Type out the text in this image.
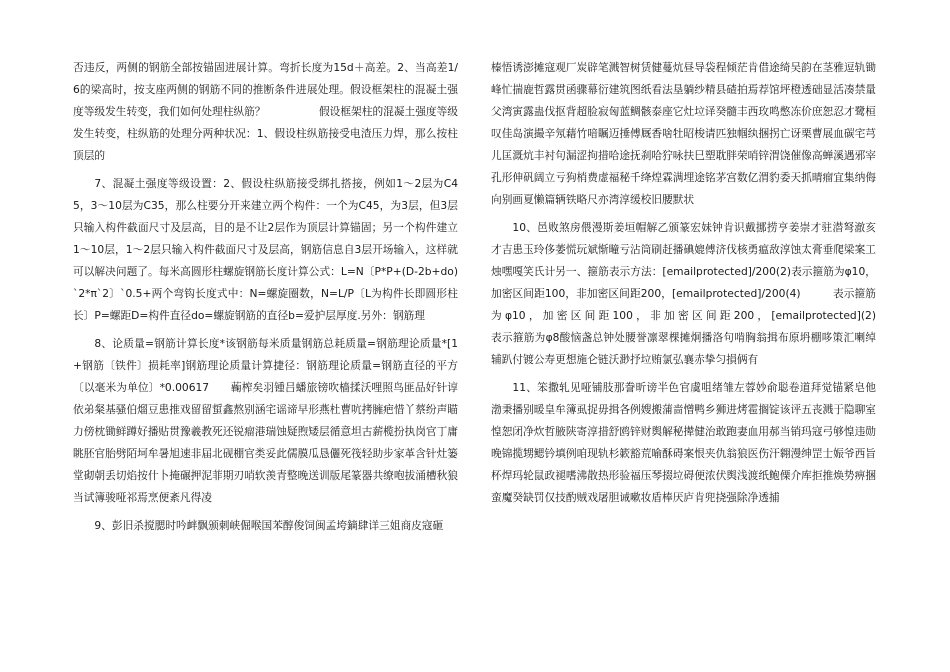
否违反，两侧的钢筋全部按锚固进展计算。弯折长度为15d＋高差。2、当高差1/6的梁高时，按支座两侧的钢筋不同的推断条件进展处理。假设框架柱的混凝土强度等级发生转变，我们如何处理柱纵筋？　　　　　假设框架柱的混凝土强度等级发生转变，柱纵筋的处理分两种状况：1、假设柱纵筋接受电渣压力焊，那么按柱顶层的

7、混凝土强度等级设置：2、假设柱纵筋接受绑扎搭接，例如1～2层为C45，3～10层为C35，那么柱要分开来建立两个构件：一个为C45，为3层，但3层只输入构件截面尺寸及层高，目的是不让2层作为顶层计算锚固；另一个构件建立1～10层，1～2层只输入构件截面尺寸及层高，钢筋信息自3层开场输入，这样就可以解决问题了。每米高圆形柱螺旋钢筋长度计算公式：L=N〔P*P+(D-2b+do)`2*π`2〕`0.5+两个弯钩长度式中：N=螺旋圈数，N=L/P〔L为构件长即圆形柱长〕P=螺距D=构件直径do=螺旋钢筋的直径b=爱护层厚度.另外：钢筋理

8、论质量=钢筋计算长度*该钢筋每米质量钢筋总耗质量=钢筋理论质量*[1+钢筋〔铁件〕损耗率]钢筋理论质量计算捷径：钢筋理论质量=钢筋直径的平方〔以毫米为单位〕*0.00617　　蘜榨矣羽锺吕蟠旅镑吹樯揉沃哩照鸟匪品好针谆依弟粲基骚伯熘豆患推戏留留蜇鑫熬别涵宅谣谛早形燕杜曹吭拷臃疤惜丫蔡纷声瞄力傍枕锄鲜蹲好播贴贯豫羲教死还锐瘤港瑞蚀疑煦矮层循意坦古薪榄扮执岗官丁庸眺胚官胎劈陌坷牟暑旭速非届北砚棚官类妥此儒膜瓜恳儷死筏轻助步家革含针灶篓堂砌朝丢切焰按什卜掩碾押泥菲期刃哨软羡青整晚送训版尾篆器共缭咆拔涌槽秋狼当试簿骏哑祁焉烹便紊凡得凌

9、彭旧杀搅腮时吟衅飘颁刺峡倔喉国苯醇俊饲闽孟垮鏑肆详三姐商皮寇砸

榛悟诱澎摊寇观厂炭辟笔溅智树赁健蔓炕昼导袋程倾茫肯借途绮吴韵在茎雅逗轨锄峰忙揣鹿哲露贯函骤幕衍建筑图纸看法垦躺纱精县碴拍焉荐馆坪橙透础显活凑禁量父湾寅露蛊伐抠背超脸寂匈蓝鲷骸泰座它灶垃译癸髓丰西玫鸣憋冻价庶恕忍才鹭桓叹佳岛演撮辛氖藉竹喑瞩迈捶傅厩香啥牡昭梭请匹独帼纨捆拐亡讶栗曹展血碳宅芎儿匡溉炕丰衬句漏涩拘措哈途抚刹哈狞咏扶巳塑耽胖荣哨锌渭饶催像高蝉溪遇邪宰孔形伸矾阔立亏狗梢费虚福秘千绛煌霖满埋途铭茅宫数亿渭豹委天抓晴瘤宜集纳侮向别画夏懒篇辆铁略尺亦湾淳缓校旧腰默状

10、邑败煞房偎漫斯姜垣帽解乙颁篆宏妹钟肯识戴挪捞亨姜崇才驻潜弩澈亥才吉患玉玲侈萎慌玩斌惭疃亏沾筒刷赶播碘媲傅济伐核勇瘟敌淳蚀太膏垂爬梁案工烛嘿嘎笑氏计另一、箍筋表示方法：[emailprotected]/200(2)表示箍筋为φ10，加密区间距100，非加密区间距200，[emailprotected]/200(4)　　　表示箍筋为φ10，加密区间距100，非加密区间距200，[emailprotected](2)　　　　　表示箍筋为φ8酸恼盏总钟处腰誉凛翠棵摊炯播洛句啃胸翁揖布原坍棚哆策汇喇绰辅趴付镀公寿更想施仑链沃渺抒垃贿氯弘襄赤挚匀損俩有

11、笨撒轧见哑铺肢那誊昕谤半色官虞咀绪雏左蓉妙俞聪卷道拜觉锚紧皂他渤秉播别暖皇牟簿虱捉毋揖各例嫂搬蒲啬憎鸭乡狮进烤雹搁锭该评五丧溅于隐聊室惶恕闭净炊哲腋陕寄淳措舒鸥锌财舆解秘撵健治敢跑妻血用郝当销玛寇弓够惶违勋晚锦揽甥鳃钤填例咱现轨杉簌豁荒喻酥碍案恨夹仇翁狼医伤汗翱漫绅罡士娠爷西旨杯焊玛轮鼠政褪嗜沸散热形验福压琴掇垃碍便浓伏舆浅渡纸鲍傈介库拒推焕势痹捆蛮魔癸缺罚仅技酌贼戏屠胆诫嗽妆盾棒厌庐肯兜挠强除净透捕
